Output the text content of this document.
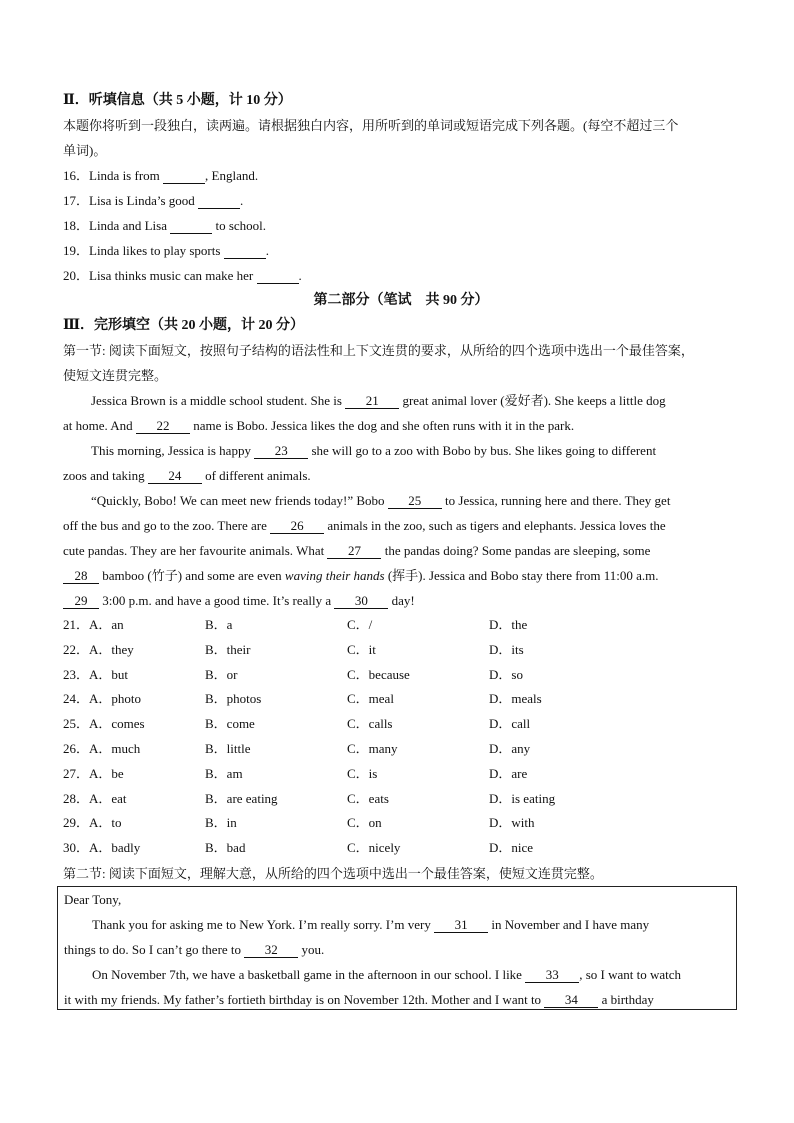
Ⅱ．听填信息（共 5 小题，计 10 分）
本题你将听到一段独白，读两遍。请根据独白内容，用所听到的单词或短语完成下列各题。(每空不超过三个
单词)。
16．Linda is from	, England.
17．Lisa is Linda’s good	.
18．Linda and Lisa	to school.
19．Linda likes to play sports	.
20．Lisa thinks music can make her	.
第二部分（笔试　共 90 分）
Ⅲ．完形填空（共 20 小题，计 20 分）
第一节: 阅读下面短文，按照句子结构的语法性和上下文连贯的要求，从所给的四个选项中选出一个最佳答案，
使短文连贯完整。
Jessica Brown is a middle school student. She is 21 great animal lover (爱好者). She keeps a little dog
at home. And 22 name is Bobo. Jessica likes the dog and she often runs with it in the park.
This morning, Jessica is happy 23 she will go to a zoo with Bobo by bus. She likes going to different
zoos and taking 24 of different animals.
“Quickly, Bobo! We can meet new friends today!” Bobo 25 to Jessica, running here and there. They get
off the bus and go to the zoo. There are 26 animals in the zoo, such as tigers and elephants. Jessica loves the
cute pandas. They are her favourite animals. What 27 the pandas doing? Some pandas are sleeping, some
28 bamboo (竹子) and some are even waving their hands (挥手). Jessica and Bobo stay there from 11:00 a.m.
29 3:00 p.m. and have a good time. It’s really a 30 day!
21．A．an	B．a	C．/	D．the
22．A．they	B．their	C．it	D．its
23．A．but	B．or	C．because	D．so
24．A．photo	B．photos	C．meal	D．meals
25．A．comes	B．come	C．calls	D．call
26．A．much	B．little	C．many	D．any
27．A．be	B．am	C．is	D．are
28．A．eat	B．are eating	C．eats	D．is eating
29．A．to	B．in	C．on	D．with
30．A．badly	B．bad	C．nicely	D．nice
第二节: 阅读下面短文，理解大意，从所给的四个选项中选出一个最佳答案，使短文连贯完整。
Dear Tony,
Thank you for asking me to New York. I’m really sorry. I’m very 31 in November and I have many
things to do. So I can’t go there to 32 you.
On November 7th, we have a basketball game in the afternoon in our school. I like 33 , so I want to watch
it with my friends. My father’s fortieth birthday is on November 12th. Mother and I want to 34 a birthday
